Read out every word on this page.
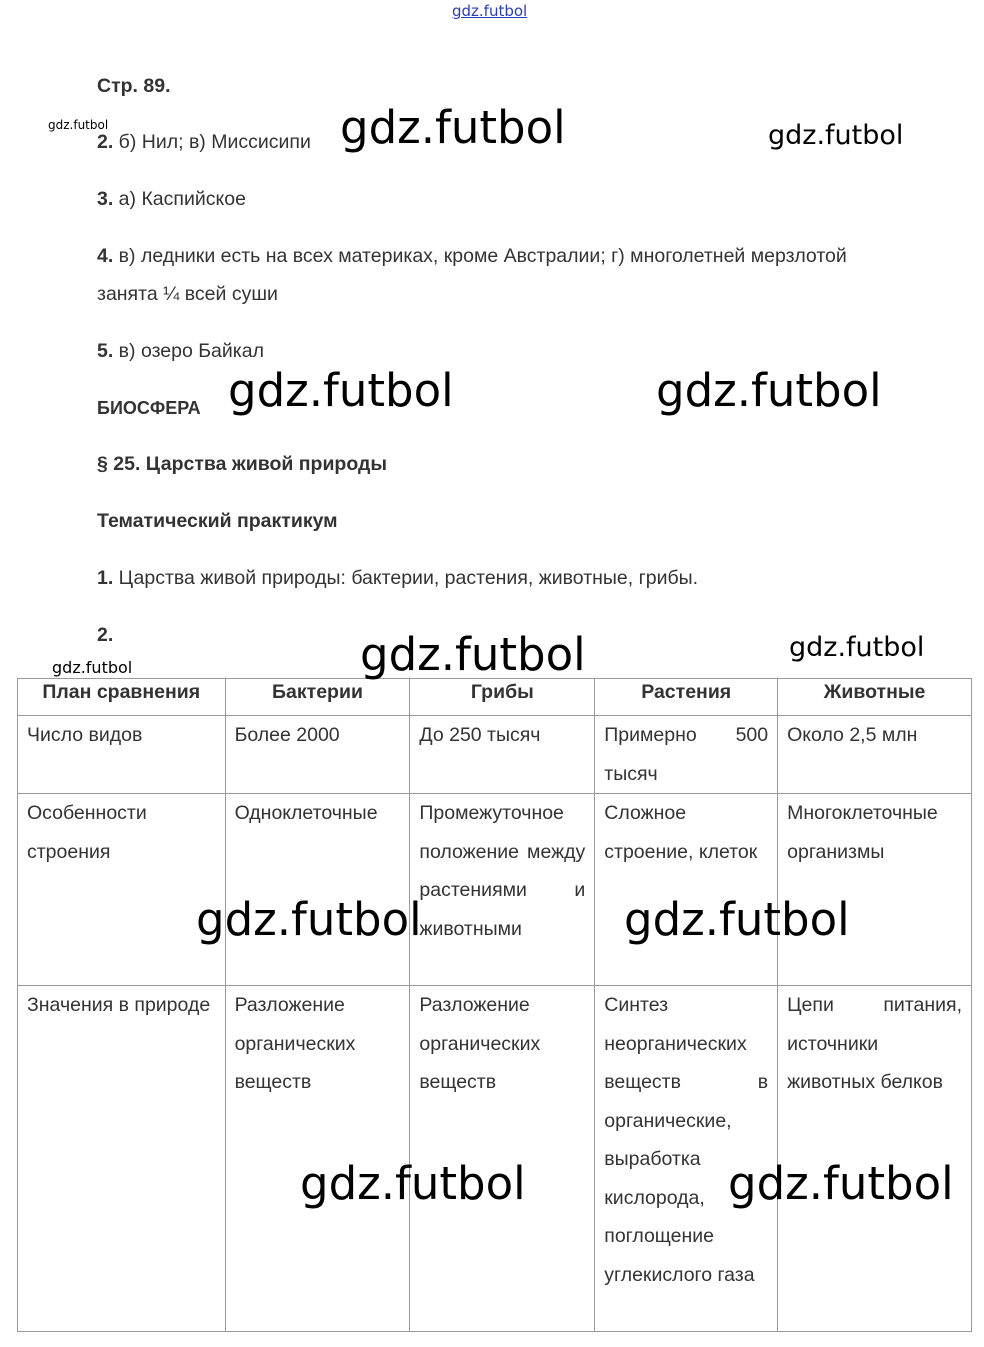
Стр. 89.
2. б) Нил; в) Миссисипи
3. а) Каспийское
4. в) ледники есть на всех материках, кроме Австралии; г) многолетней мерзлотой
занята ¼ всей суши
5. в) озеро Байкал
БИОСФЕРА
§ 25. Царства живой природы
Тематический практикум
1. Царства живой природы: бактерии, растения, животные, грибы.
2.
План сравнения	Бактерии	Грибы	Растения	Животные
Число видов	Более 2000	До 250 тысяч	Примерно 500 тысяч	Около 2,5 млн
Особенности строения	Одноклеточные	Промежуточное положение между растениями и животными	Сложное строение, клеток	Многоклеточные организмы
Значения в природе	Разложение органических веществ	Разложение органических веществ	Синтез неорганических веществ в органические, выработка кислорода, поглощение углекислого газа	Цепи питания, источники животных белков
gdz.futbol
gdz.futbol	gdz.futbol	gdz.futbol
gdz.futbol	gdz.futbol
gdz.futbol	gdz.futbol
gdz.futbol
gdz.futbol	gdz.futbol
gdz.futbol	gdz.futbol
